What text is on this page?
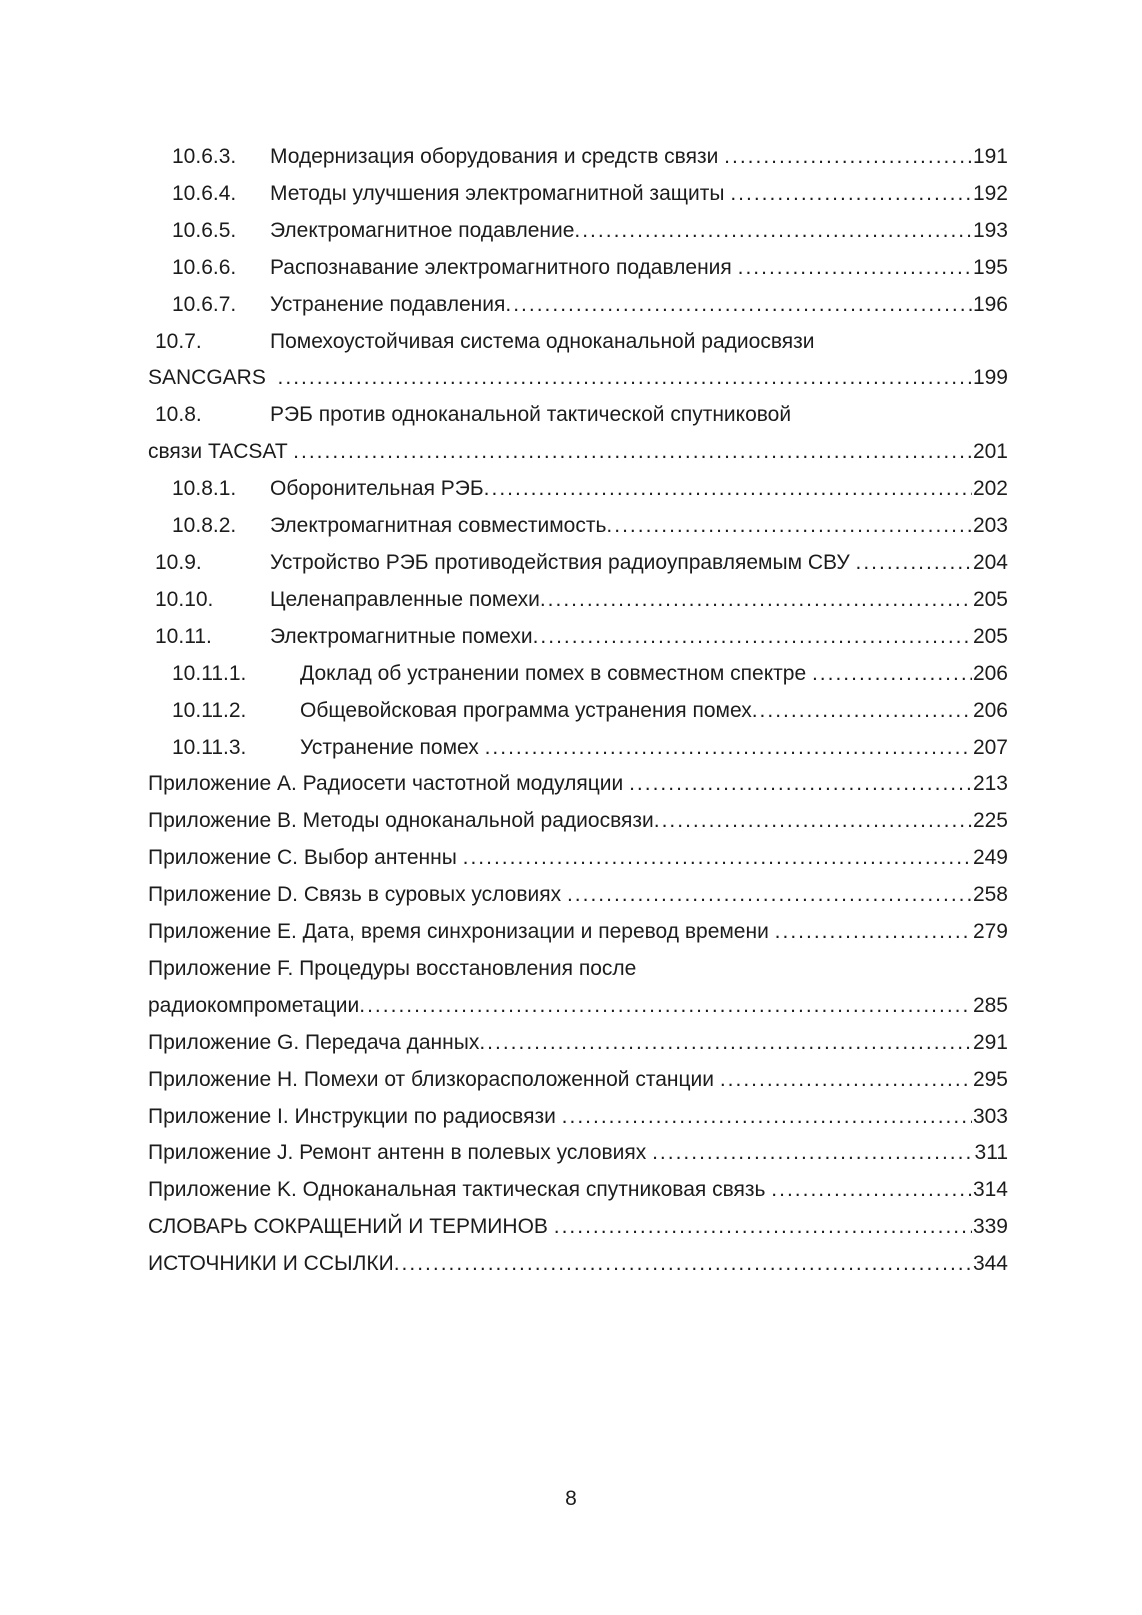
10.6.3.	Модернизация оборудования и средств связи .....	191
10.6.4.	Методы улучшения электромагнитной защиты .....	192
10.6.5.	Электромагнитное подавление .....	193
10.6.6.	Распознавание электромагнитного подавления .....	195
10.6.7.	Устранение подавления .....	196
10.7.	Помехоустойчивая система одноканальной радиосвязи
SANCGARS .....	199
10.8.	РЭБ против одноканальной тактической спутниковой
связи TACSAT .....	201
10.8.1.	Оборонительная РЭБ .....	202
10.8.2.	Электромагнитная совместимость .....	203
10.9.	Устройство РЭБ противодействия радиоуправляемым СВУ .....	204
10.10.	Целенаправленные помехи .....	205
10.11.	Электромагнитные помехи .....	205
10.11.1.	Доклад об устранении помех в совместном спектре .....	206
10.11.2.	Общевойсковая программа устранения помех .....	206
10.11.3.	Устранение помех .....	207
Приложение A. Радиосети частотной модуляции .....	213
Приложение B. Методы одноканальной радиосвязи .....	225
Приложение C. Выбор антенны .....	249
Приложение D. Связь в суровых условиях .....	258
Приложение E. Дата, время синхронизации и перевод времени .....	279
Приложение F. Процедуры восстановления после
радиокомпрометации .....	285
Приложение G. Передача данных .....	291
Приложение H. Помехи от близкорасположенной станции .....	295
Приложение I. Инструкции по радиосвязи .....	303
Приложение J. Ремонт антенн в полевых условиях .....	311
Приложение K. Одноканальная тактическая спутниковая связь .....	314
СЛОВАРЬ СОКРАЩЕНИЙ И ТЕРМИНОВ .....	339
ИСТОЧНИКИ И ССЫЛКИ .....	344
8
